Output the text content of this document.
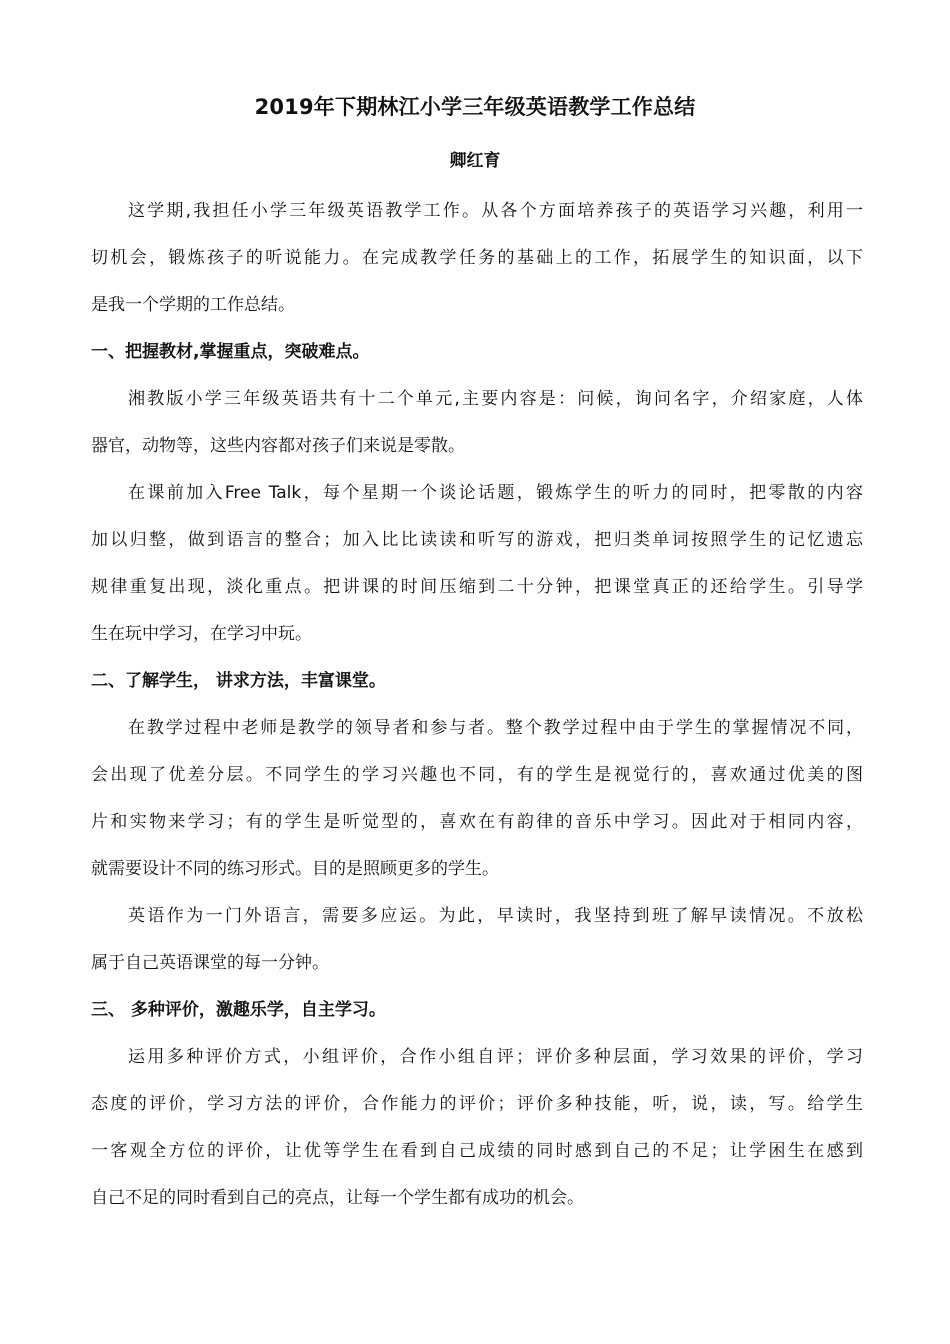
2019年下期林江小学三年级英语教学工作总结
卿红育
这学期,我担任小学三年级英语教学工作。从各个方面培养孩子的英语学习兴趣，利用一
切机会，锻炼孩子的听说能力。在完成教学任务的基础上的工作，拓展学生的知识面，以下
是我一个学期的工作总结。
一、把握教材,掌握重点，突破难点。
湘教版小学三年级英语共有十二个单元,主要内容是：问候，询问名字，介绍家庭，人体
器官，动物等，这些内容都对孩子们来说是零散。
在课前加入Free Talk，每个星期一个谈论话题，锻炼学生的听力的同时，把零散的内容
加以归整，做到语言的整合；加入比比读读和听写的游戏，把归类单词按照学生的记忆遗忘
规律重复出现，淡化重点。把讲课的时间压缩到二十分钟，把课堂真正的还给学生。引导学
生在玩中学习，在学习中玩。
二、了解学生， 讲求方法，丰富课堂。
在教学过程中老师是教学的领导者和参与者。整个教学过程中由于学生的掌握情况不同，
会出现了优差分层。不同学生的学习兴趣也不同，有的学生是视觉行的，喜欢通过优美的图
片和实物来学习；有的学生是听觉型的，喜欢在有韵律的音乐中学习。因此对于相同内容，
就需要设计不同的练习形式。目的是照顾更多的学生。
英语作为一门外语言，需要多应运。为此，早读时，我坚持到班了解早读情况。不放松
属于自己英语课堂的每一分钟。
三、 多种评价，激趣乐学，自主学习。
运用多种评价方式，小组评价，合作小组自评；评价多种层面，学习效果的评价，学习
态度的评价，学习方法的评价，合作能力的评价；评价多种技能，听，说，读，写。给学生
一客观全方位的评价，让优等学生在看到自己成绩的同时感到自己的不足；让学困生在感到
自己不足的同时看到自己的亮点，让每一个学生都有成功的机会。
